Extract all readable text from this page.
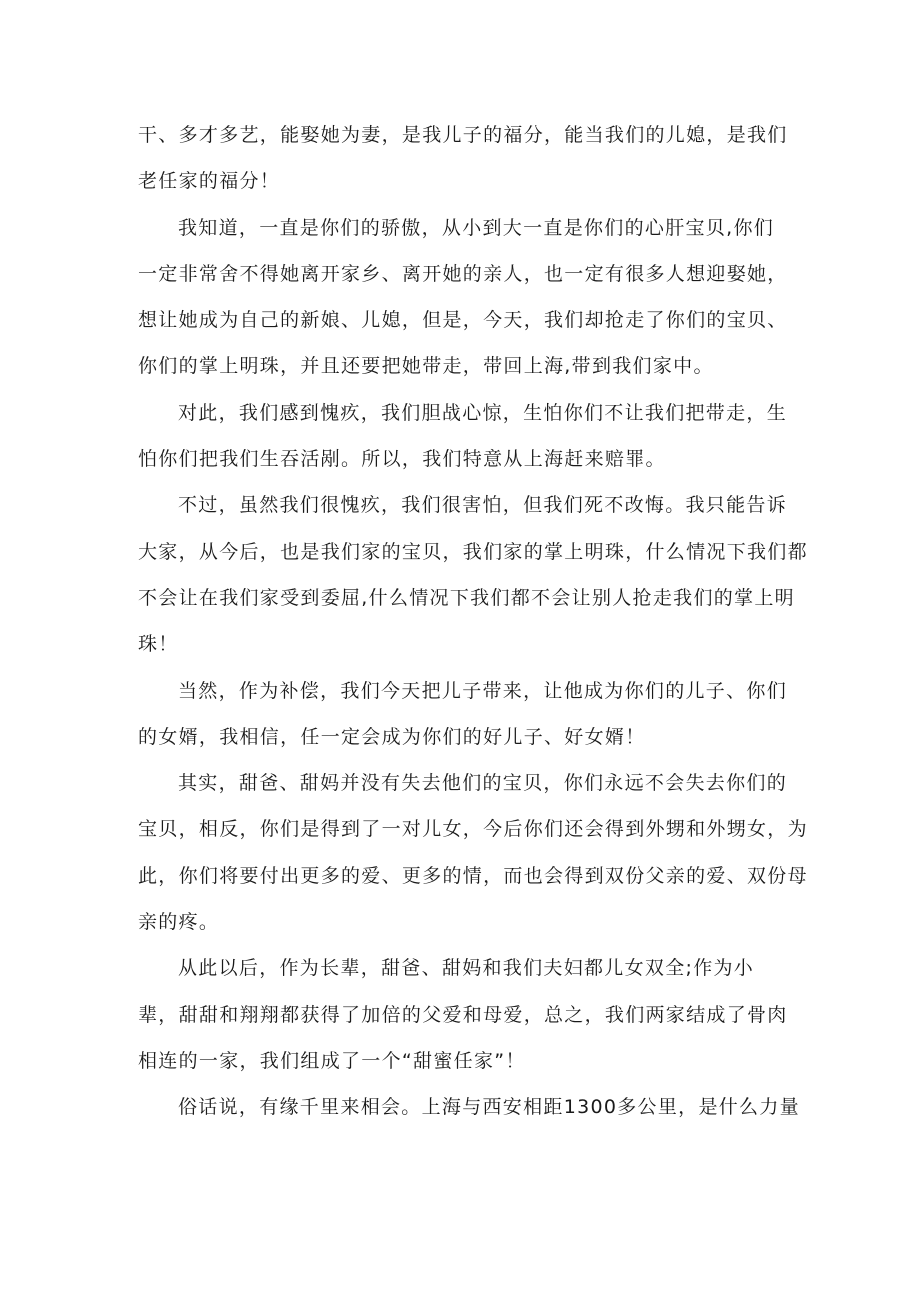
干、多才多艺，能娶她为妻，是我儿子的福分，能当我们的儿媳，是我们
老任家的福分！
我知道，一直是你们的骄傲，从小到大一直是你们的心肝宝贝,你们
一定非常舍不得她离开家乡、离开她的亲人，也一定有很多人想迎娶她，
想让她成为自己的新娘、儿媳，但是，今天，我们却抢走了你们的宝贝、
你们的掌上明珠，并且还要把她带走，带回上海,带到我们家中。
对此，我们感到愧疚，我们胆战心惊，生怕你们不让我们把带走，生
怕你们把我们生吞活剐。所以，我们特意从上海赶来赔罪。
不过，虽然我们很愧疚，我们很害怕，但我们死不改悔。我只能告诉
大家，从今后，也是我们家的宝贝，我们家的掌上明珠，什么情况下我们都
不会让在我们家受到委屈,什么情况下我们都不会让别人抢走我们的掌上明
珠！
当然，作为补偿，我们今天把儿子带来，让他成为你们的儿子、你们
的女婿，我相信，任一定会成为你们的好儿子、好女婿！
其实，甜爸、甜妈并没有失去他们的宝贝，你们永远不会失去你们的
宝贝，相反，你们是得到了一对儿女，今后你们还会得到外甥和外甥女，为
此，你们将要付出更多的爱、更多的情，而也会得到双份父亲的爱、双份母
亲的疼。
从此以后，作为长辈，甜爸、甜妈和我们夫妇都儿女双全;作为小
辈，甜甜和翔翔都获得了加倍的父爱和母爱，总之，我们两家结成了骨肉
相连的一家，我们组成了一个“甜蜜任家”！
俗话说，有缘千里来相会。上海与西安相距1300多公里，是什么力量
